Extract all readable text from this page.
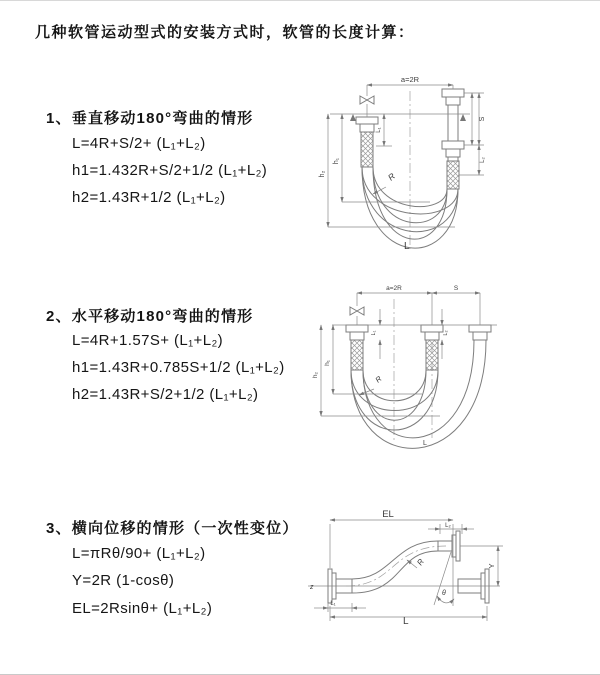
几种软管运动型式的安装方式时，软管的长度计算：
1、垂直移动180°弯曲的情形
L=4R+S/2+ (L₁+L₂)
h1=1.432R+S/2+1/2 (L₁+L₂)
h2=1.43R+1/2 (L₁+L₂)
2、水平移动180°弯曲的情形
L=4R+1.57S+ (L₁+L₂)
h1=1.43R+0.785S+1/2 (L₁+L₂)
h2=1.43R+S/2+1/2 (L₁+L₂)
3、横向位移的情形（一次性变位）
L=πRθ/90+ (L₁+L₂)
Y=2R (1-cosθ)
EL=2Rsinθ+ (L₁+L₂)
a=2R
h₁
h₂
L₁
S
L₂
R
L
a=2R	S
L₁	L₂
h₁
h₂	R
L
EL
L₂
Y
z
R
θ
L₁
L
